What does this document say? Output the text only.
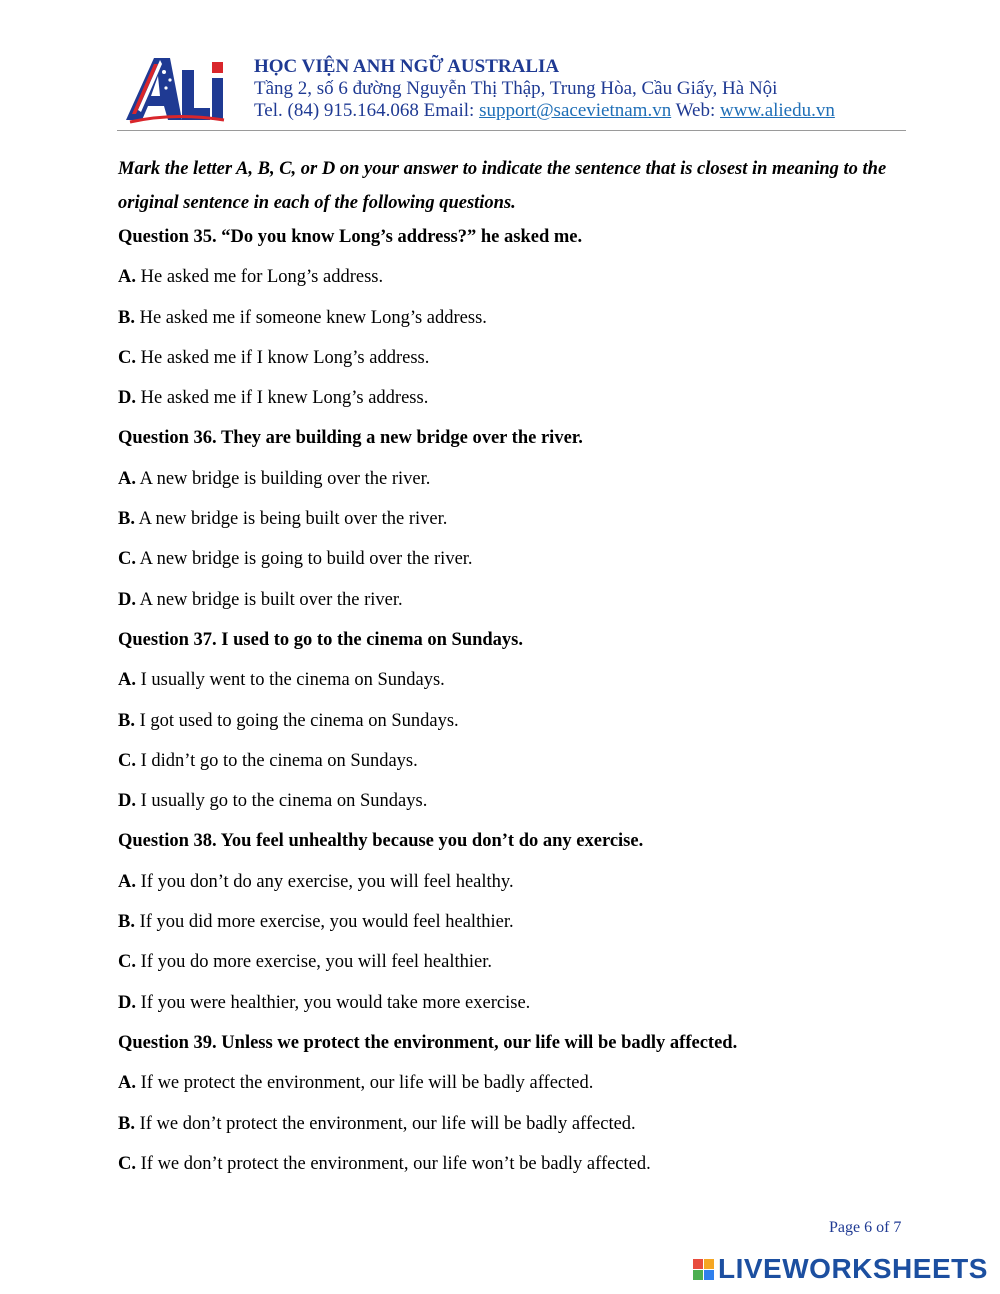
HỌC VIỆN ANH NGỮ AUSTRALIA
Tầng 2, số 6 đường Nguyễn Thị Thập, Trung Hòa, Cầu Giấy, Hà Nội
Tel. (84) 915.164.068 Email: support@sacevietnam.vn Web: www.aliedu.vn

Mark the letter A, B, C, or D on your answer to indicate the sentence that is closest in meaning to the original sentence in each of the following questions.

Question 35. “Do you know Long’s address?” he asked me.
A. He asked me for Long’s address.
B. He asked me if someone knew Long’s address.
C. He asked me if I know Long’s address.
D. He asked me if I knew Long’s address.
Question 36. They are building a new bridge over the river.
A. A new bridge is building over the river.
B. A new bridge is being built over the river.
C. A new bridge is going to build over the river.
D. A new bridge is built over the river.
Question 37. I used to go to the cinema on Sundays.
A. I usually went to the cinema on Sundays.
B. I got used to going the cinema on Sundays.
C. I didn’t go to the cinema on Sundays.
D. I usually go to the cinema on Sundays.
Question 38. You feel unhealthy because you don’t do any exercise.
A. If you don’t do any exercise, you will feel healthy.
B. If you did more exercise, you would feel healthier.
C. If you do more exercise, you will feel healthier.
D. If you were healthier, you would take more exercise.
Question 39. Unless we protect the environment, our life will be badly affected.
A. If we protect the environment, our life will be badly affected.
B. If we don’t protect the environment, our life will be badly affected.
C. If we don’t protect the environment, our life won’t be badly affected.
Page 6 of 7
LIVEWORKSHEETS
